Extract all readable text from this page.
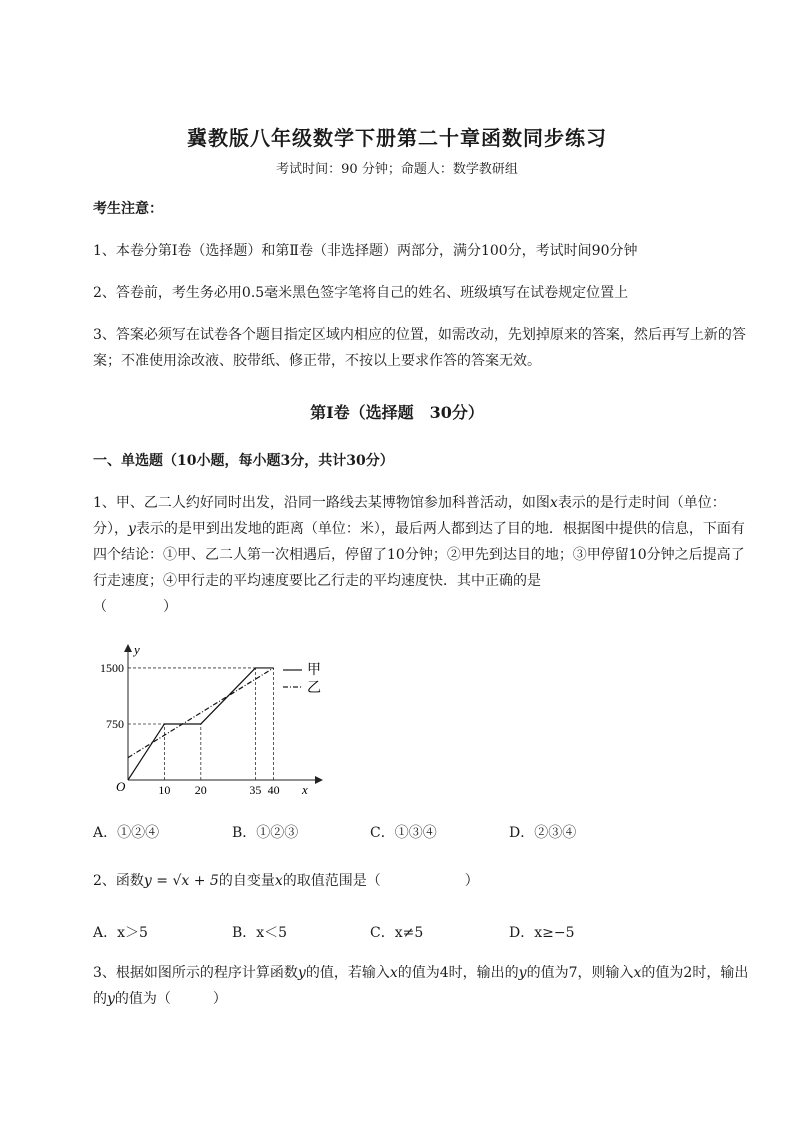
冀教版八年级数学下册第二十章函数同步练习
考试时间：90 分钟；命题人：数学教研组
考生注意：
1、本卷分第Ⅰ卷（选择题）和第Ⅱ卷（非选择题）两部分，满分100分，考试时间90分钟
2、答卷前，考生务必用0.5毫米黑色签字笔将自己的姓名、班级填写在试卷规定位置上
3、答案必须写在试卷各个题目指定区域内相应的位置，如需改动，先划掉原来的答案，然后再写上新的答案；不准使用涂改液、胶带纸、修正带，不按以上要求作答的答案无效。
第Ⅰ卷（选择题　30分）
一、单选题（10小题，每小题3分，共计30分）
1、甲、乙二人约好同时出发，沿同一路线去某博物馆参加科普活动，如图x表示的是行走时间（单位：分），y表示的是甲到出发地的距离（单位：米），最后两人都到达了目的地．根据图中提供的信息，下面有四个结论：①甲、乙二人第一次相遇后，停留了10分钟；②甲先到达目的地；③甲停留10分钟之后提高了行走速度；④甲行走的平均速度要比乙行走的平均速度快．其中正确的是
（　　　　）
y
x
O
750
1500
10 20	35 40
甲
乙
A．①②④	B．①②③	C．①③④	D．②③④
2、函数y = √x + 5的自变量x的取值范围是（　　　　　　）
A．x＞5	B．x＜5	C．x≠5	D．x≥−5
3、根据如图所示的程序计算函数y的值，若输入x的值为4时，输出的y的值为7，则输入x的值为2时，输出的y的值为（　　　）
